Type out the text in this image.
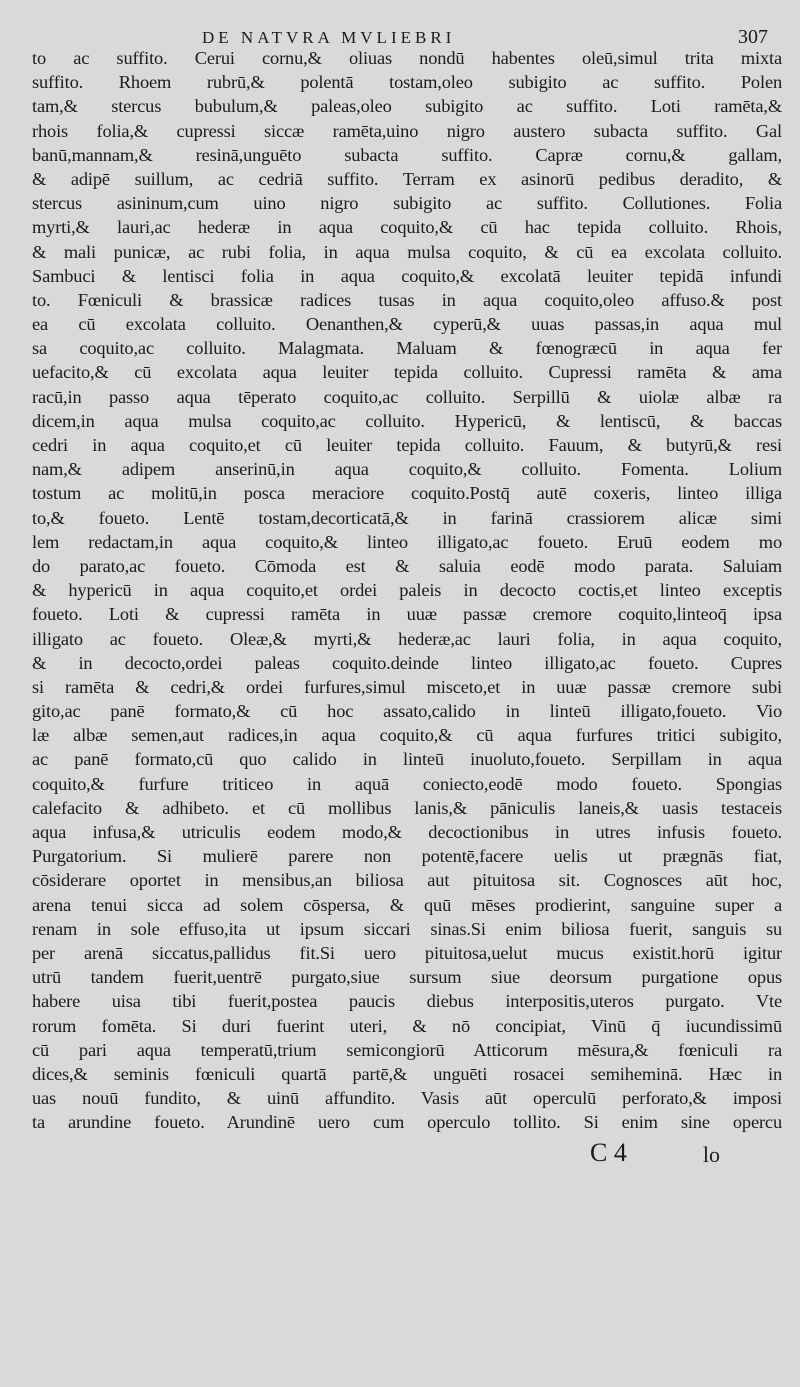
DE NATVRA MVLIEBRI	307
to ac suffito. Cerui cornu,& oliuas nondū habentes oleū,simul trita mixta
suffito. Rhoem rubrū,& polentā tostam,oleo subigito ac suffito. Polen
tam,& stercus bubulum,& paleas,oleo subigito ac suffito. Loti ramēta,&
rhois folia,& cupressi siccæ ramēta,uino nigro austero subacta suffito. Gal
banū,mannam,& resinā,unguēto subacta suffito. Capræ cornu,& gallam,
& adipē suillum, ac cedriā suffito. Terram ex asinorū pedibus deradito, &
stercus asininum,cum uino nigro subigito ac suffito. Collutiones. Folia
myrti,& lauri,ac hederæ in aqua coquito,& cū hac tepida colluito. Rhois,
& mali punicæ, ac rubi folia, in aqua mulsa coquito, & cū ea excolata colluito.
Sambuci & lentisci folia in aqua coquito,& excolatā leuiter tepidā infundi
to. Fœniculi & brassicæ radices tusas in aqua coquito,oleo affuso.& post
ea cū excolata colluito. Oenanthen,& cyperū,& uuas passas,in aqua mul
sa coquito,ac colluito. Malagmata. Maluam & fœnogræcū in aqua fer
uefacito,& cū excolata aqua leuiter tepida colluito. Cupressi ramēta & ama
racū,in passo aqua tēperato coquito,ac colluito. Serpillū & uiolæ albæ ra
dicem,in aqua mulsa coquito,ac colluito. Hypericū, & lentiscū, & baccas
cedri in aqua coquito,et cū leuiter tepida colluito. Fauum, & butyrū,& resi
nam,& adipem anserinū,in aqua coquito,& colluito. Fomenta. Lolium
tostum ac molitū,in posca meraciore coquito.Postq̄ autē coxeris, linteo illiga
to,& foueto. Lentē tostam,decorticatā,& in farinā crassiorem alicæ simi
lem redactam,in aqua coquito,& linteo illigato,ac foueto. Eruū eodem mo
do parato,ac foueto. Cōmoda est & saluia eodē modo parata. Saluiam
& hypericū in aqua coquito,et ordei paleis in decocto coctis,et linteo exceptis
foueto. Loti & cupressi ramēta in uuæ passæ cremore coquito,linteoq̄ ipsa
illigato ac foueto. Oleæ,& myrti,& hederæ,ac lauri folia, in aqua coquito,
& in decocto,ordei paleas coquito.deinde linteo illigato,ac foueto. Cupres
si ramēta & cedri,& ordei furfures,simul misceto,et in uuæ passæ cremore subi
gito,ac panē formato,& cū hoc assato,calido in linteū illigato,foueto. Vio
læ albæ semen,aut radices,in aqua coquito,& cū aqua furfures tritici subigito,
ac panē formato,cū quo calido in linteū inuoluto,foueto. Serpillam in aqua
coquito,& furfure triticeo in aquā coniecto,eodē modo foueto. Spongias
calefacito & adhibeto. et cū mollibus lanis,& pāniculis laneis,& uasis testaceis
aqua infusa,& utriculis eodem modo,& decoctionibus in utres infusis foueto.
Purgatorium. Si mulierē parere non potentē,facere uelis ut prægnās fiat,
cōsiderare oportet in mensibus,an biliosa aut pituitosa sit. Cognosces aūt hoc,
arena tenui sicca ad solem cōspersa, & quū mēses prodierint, sanguine super a
renam in sole effuso,ita ut ipsum siccari sinas.Si enim biliosa fuerit, sanguis su
per arenā siccatus,pallidus fit.Si uero pituitosa,uelut mucus existit.horū igitur
utrū tandem fuerit,uentrē purgato,siue sursum siue deorsum purgatione opus
habere uisa tibi fuerit,postea paucis diebus interpositis,uteros purgato. Vte
rorum fomēta. Si duri fuerint uteri, & nō concipiat, Vinū q̄ iucundissimū
cū pari aqua temperatū,trium semicongiorū Atticorum mēsura,& fœniculi ra
dices,& seminis fœniculi quartā partē,& unguēti rosacei semiheminā. Hæc in
uas nouū fundito, & uinū affundito. Vasis aūt operculū perforato,& imposi
ta arundine foueto. Arundinē uero cum operculo tollito. Si enim sine opercu
C 4	lo
